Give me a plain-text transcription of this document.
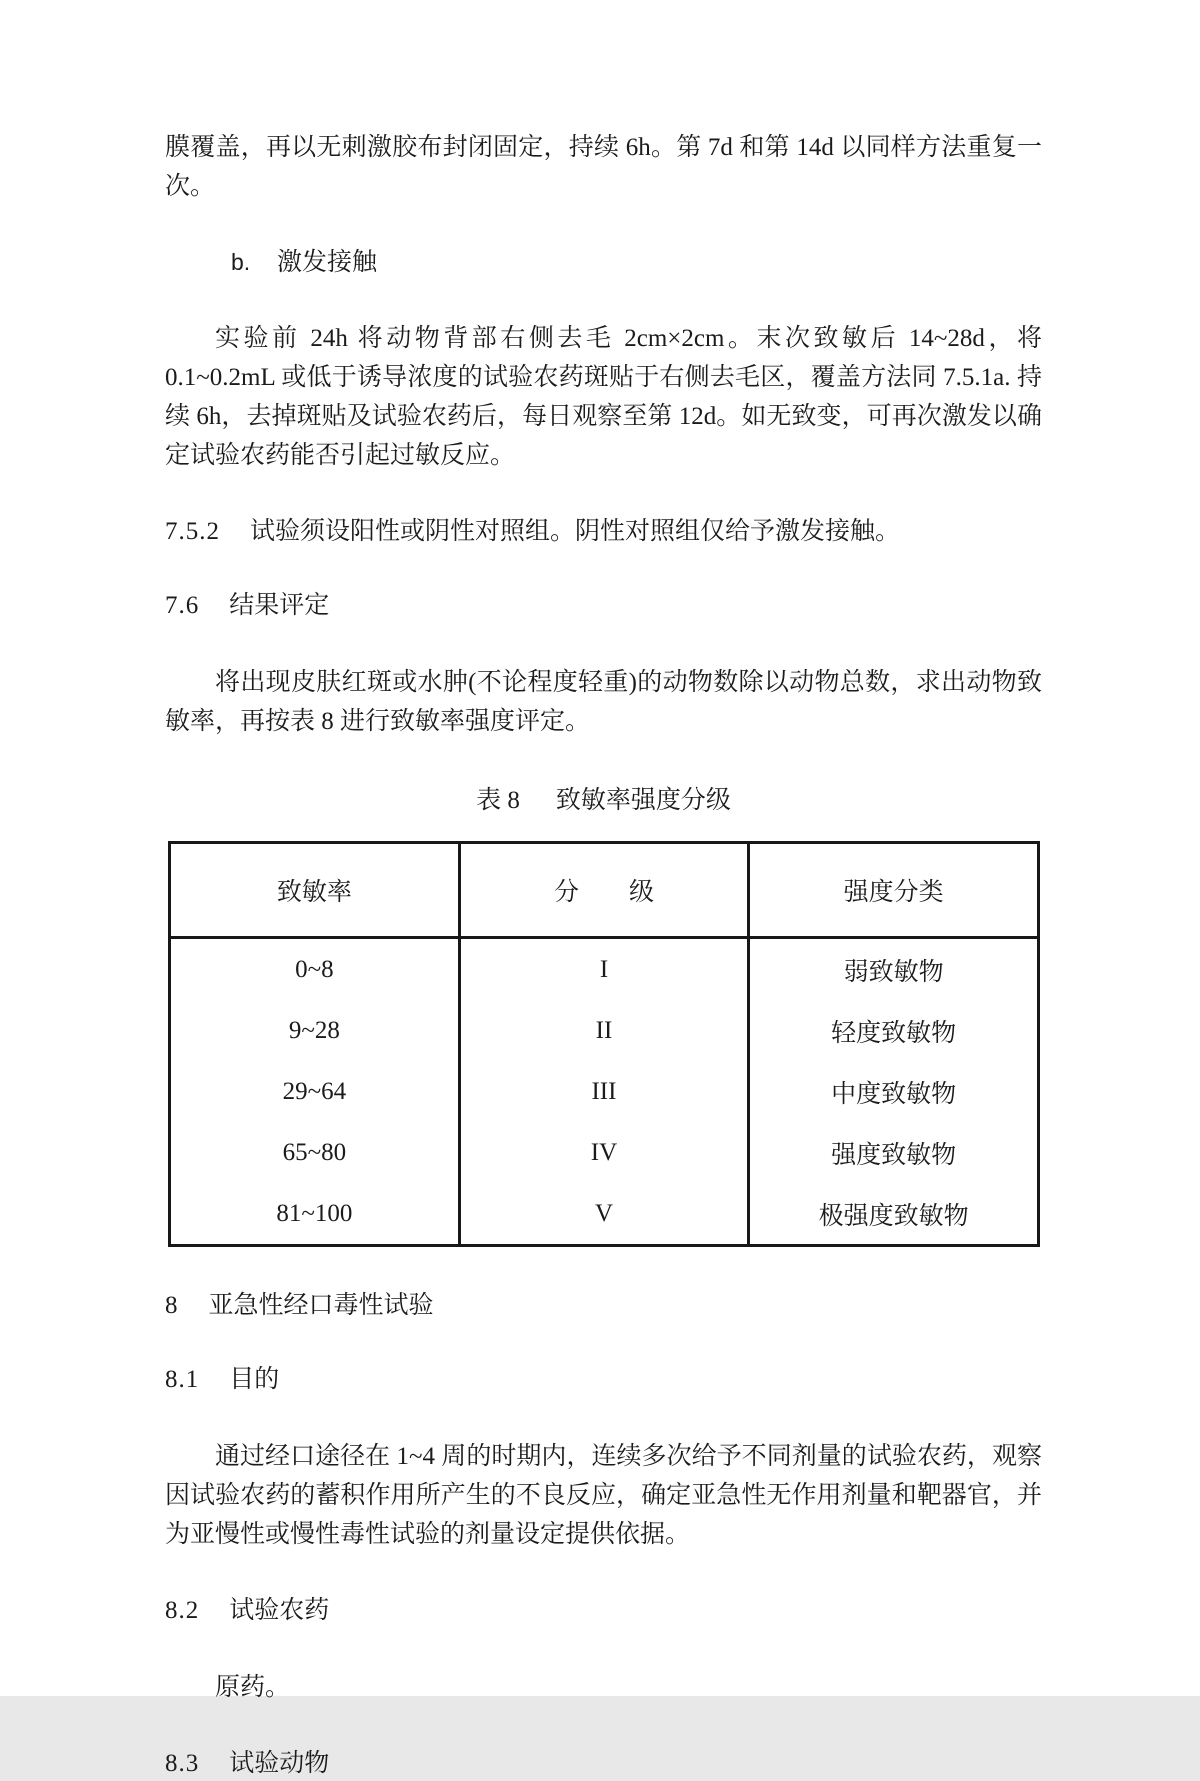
膜覆盖，再以无刺激胶布封闭固定，持续 6h。第 7d 和第 14d 以同样方法重复一次。

b. 激发接触

实验前 24h 将动物背部右侧去毛 2cm×2cm。末次致敏后 14~28d，将 0.1~0.2mL 或低于诱导浓度的试验农药斑贴于右侧去毛区，覆盖方法同 7.5.1a. 持续 6h，去掉斑贴及试验农药后，每日观察至第 12d。如无致变，可再次激发以确定试验农药能否引起过敏反应。

7.5.2 试验须设阳性或阴性对照组。阴性对照组仅给予激发接触。
7.6 结果评定

将出现皮肤红斑或水肿(不论程度轻重)的动物数除以动物总数，求出动物致敏率，再按表 8 进行致敏率强度评定。

表 8 致敏率强度分级
致敏率	分　　级	强度分类
0~8	I	弱致敏物
9~28	II	轻度致敏物
29~64	III	中度致敏物
65~80	IV	强度致敏物
81~100	V	极强度致敏物
8 亚急性经口毒性试验
8.1 目的

通过经口途径在 1~4 周的时期内，连续多次给予不同剂量的试验农药，观察因试验农药的蓄积作用所产生的不良反应，确定亚急性无作用剂量和靶器官，并为亚慢性或慢性毒性试验的剂量设定提供依据。

8.2 试验农药

原药。

8.3 试验动物
